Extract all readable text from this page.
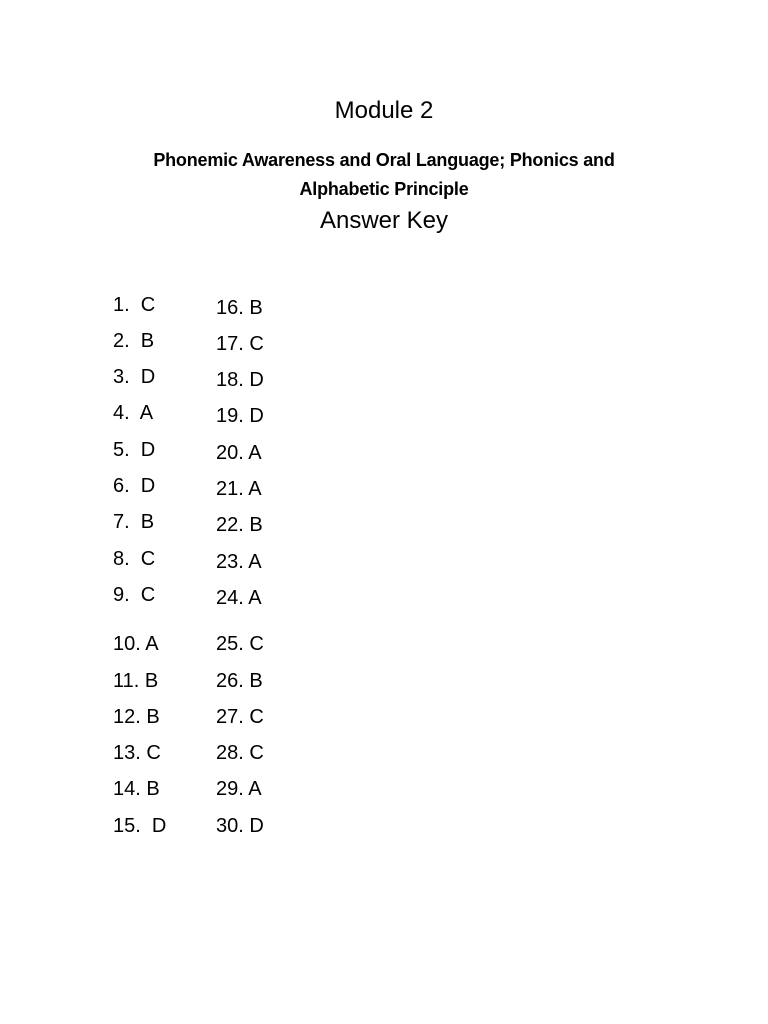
Module 2
Phonemic Awareness and Oral Language; Phonics and
Alphabetic Principle
Answer Key
1.  C
2.  B
3.  D
4.  A
5.  D
6.  D
7.  B
8.  C
9.  C
10. A
11. B
12. B
13. C
14. B
15.  D
16. B
17. C
18. D
19. D
20. A
21. A
22. B
23. A
24. A
25. C
26. B
27. C
28. C
29. A
30. D
